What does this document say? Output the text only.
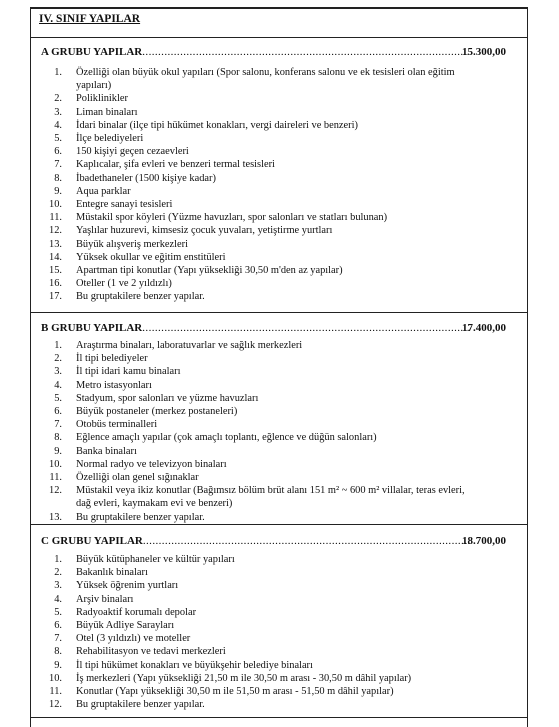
IV. SINIF YAPILAR
A GRUBU YAPILAR........................................................................................................
15.300,00
1. Özelliği olan büyük okul yapıları (Spor salonu, konferans salonu ve ek tesisleri olan eğitim yapıları)
2. Poliklinikler
3. Liman binaları
4. İdari binalar (ilçe tipi hükümet konakları, vergi daireleri ve benzeri)
5. İlçe belediyeleri
6. 150 kişiyi geçen cezaevleri
7. Kaplıcalar, şifa evleri ve benzeri termal tesisleri
8. İbadethaneler (1500 kişiye kadar)
9. Aqua parklar
10. Entegre sanayi tesisleri
11. Müstakil spor köyleri (Yüzme havuzları, spor salonları ve statları bulunan)
12. Yaşlılar huzurevi, kimsesiz çocuk yuvaları, yetiştirme yurtları
13. Büyük alışveriş merkezleri
14. Yüksek okullar ve eğitim enstitüleri
15. Apartman tipi konutlar (Yapı yüksekliği 30,50 m'den az yapılar)
16. Oteller (1 ve 2 yıldızlı)
17. Bu gruptakilere benzer yapılar.
B GRUBU YAPILAR........................................................................................................
17.400,00
1. Araştırma binaları, laboratuvarlar ve sağlık merkezleri
2. İl tipi belediyeler
3. İl tipi idari kamu binaları
4. Metro istasyonları
5. Stadyum, spor salonları ve yüzme havuzları
6. Büyük postaneler (merkez postaneleri)
7. Otobüs terminalleri
8. Eğlence amaçlı yapılar (çok amaçlı toplantı, eğlence ve düğün salonları)
9. Banka binaları
10. Normal radyo ve televizyon binaları
11. Özelliği olan genel sığınaklar
12. Müstakil veya ikiz konutlar (Bağımsız bölüm brüt alanı 151 m² ~ 600 m² villalar, teras evleri, dağ evleri, kaymakam evi ve benzeri)
13. Bu gruptakilere benzer yapılar.
C GRUBU YAPILAR........................................................................................................
18.700,00
1. Büyük kütüphaneler ve kültür yapıları
2. Bakanlık binaları
3. Yüksek öğrenim yurtları
4. Arşiv binaları
5. Radyoaktif korumalı depolar
6. Büyük Adliye Sarayları
7. Otel (3 yıldızlı) ve moteller
8. Rehabilitasyon ve tedavi merkezleri
9. İl tipi hükümet konakları ve büyükşehir belediye binaları
10. İş merkezleri (Yapı yüksekliği 21,50 m ile 30,50 m arası - 30,50 m dâhil yapılar)
11. Konutlar (Yapı yüksekliği 30,50 m ile 51,50 m arası - 51,50 m dâhil yapılar)
12. Bu gruptakilere benzer yapılar.
